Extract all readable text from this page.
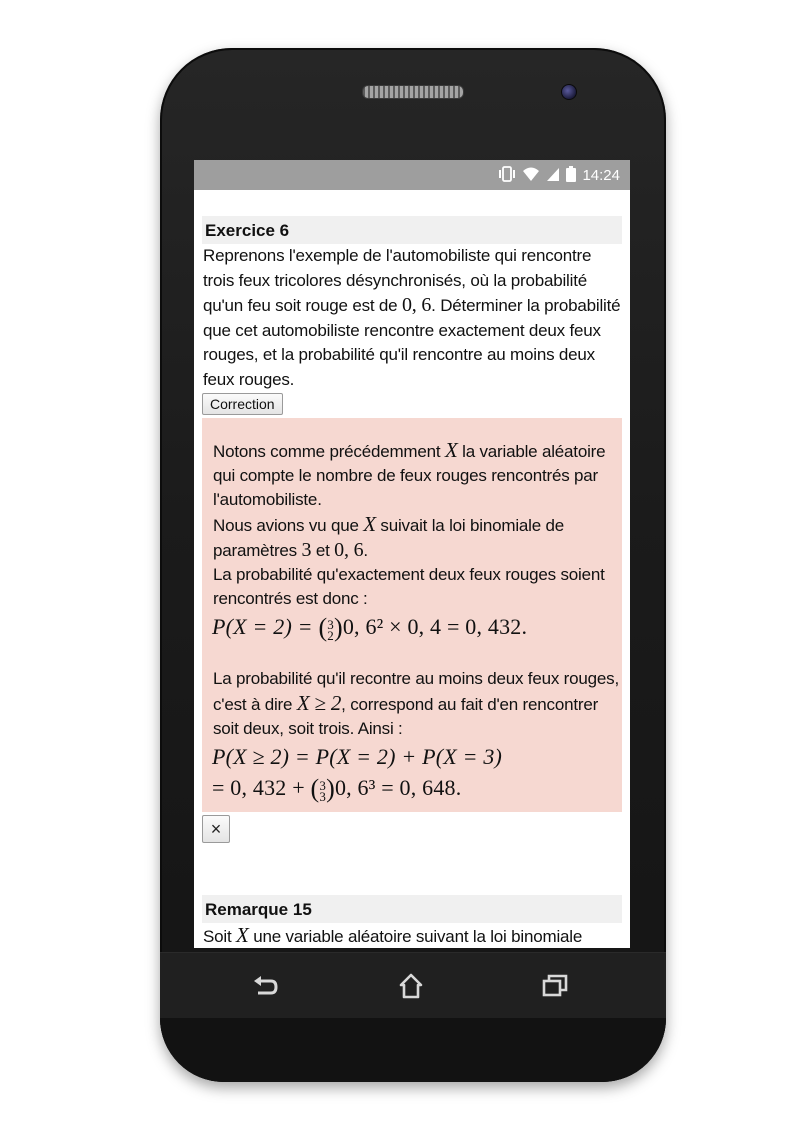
14:24
Exercice 6

Reprenons l'exemple de l'automobiliste qui rencontre trois feux tricolores désynchronisés, où la probabilité qu'un feu soit rouge est de 0, 6. Déterminer la probabilité que cet automobiliste rencontre exactement deux feux rouges, et la probabilité qu'il rencontre au moins deux feux rouges.

Correction

Notons comme précédemment X la variable aléatoire qui compte le nombre de feux rouges rencontrés par l'automobiliste.

Nous avions vu que X suivait la loi binomiale de paramètres 3 et 0, 6.

La probabilité qu'exactement deux feux rouges soient rencontrés est donc :

P(X = 2) = ( 3
2 )0, 6² × 0, 4 = 0, 432.

La probabilité qu'il recontre au moins deux feux rouges, c'est à dire X ≥ 2, correspond au fait d'en rencontrer soit deux, soit trois. Ainsi :

P(X ≥ 2) = P(X = 2) + P(X = 3)
= 0, 432 + ( 3
3 )0, 6³ = 0, 648.
×
Remarque 15

Soit X une variable aléatoire suivant la loi binomiale
